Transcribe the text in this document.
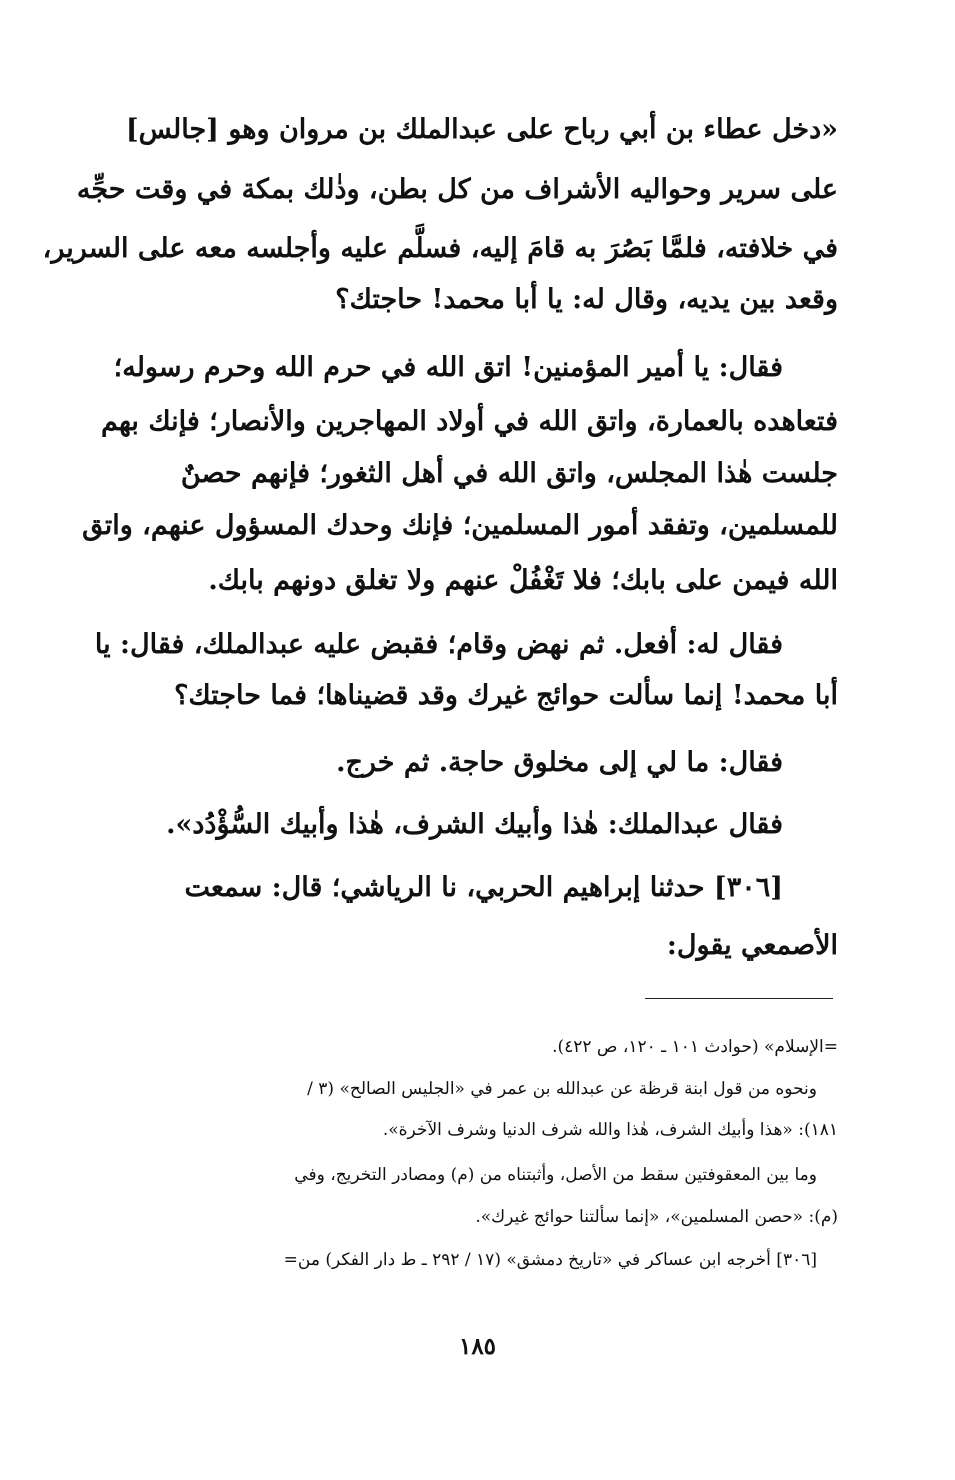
«دخل عطاء بن أبي رباح على عبدالملك بن مروان وهو [جالس]
على سرير وحواليه الأشراف من كل بطن، وذٰلك بمكة في وقت حجِّه
في خلافته، فلمَّا بَصُرَ به قامَ إليه، فسلَّم عليه وأجلسه معه على السرير،
وقعد بين يديه، وقال له: يا أبا محمد! حاجتك؟
فقال: يا أمير المؤمنين! اتق الله في حرم الله وحرم رسوله؛
فتعاهده بالعمارة، واتق الله في أولاد المهاجرين والأنصار؛ فإنك بهم
جلست هٰذا المجلس، واتق الله في أهل الثغور؛ فإنهم حصنٌ
للمسلمين، وتفقد أمور المسلمين؛ فإنك وحدك المسؤول عنهم، واتق
الله فيمن على بابك؛ فلا تَغْفُلْ عنهم ولا تغلق دونهم بابك.
فقال له: أفعل. ثم نهض وقام؛ فقبض عليه عبدالملك، فقال: يا
أبا محمد! إنما سألت حوائج غيرك وقد قضيناها؛ فما حاجتك؟
فقال: ما لي إلى مخلوق حاجة. ثم خرج.
فقال عبدالملك: هٰذا وأبيك الشرف، هٰذا وأبيك السُّؤْدُد».
[٣٠٦] حدثنا إبراهيم الحربي، نا الرياشي؛ قال: سمعت
الأصمعي يقول:
=الإسلام» (حوادث ١٠١ ـ ١٢٠، ص ٤٢٢).
ونحوه من قول ابنة قرظة عن عبدالله بن عمر في «الجليس الصالح» (٣ /
١٨١): «هذا وأبيك الشرف، هٰذا والله شرف الدنيا وشرف الآخرة».
وما بين المعقوفتين سقط من الأصل، وأثبتناه من (م) ومصادر التخريج، وفي
(م): «حصن المسلمين»، «إنما سألتنا حوائج غيرك».
[٣٠٦] أخرجه ابن عساكر في «تاريخ دمشق» (١٧ / ٢٩٢ ـ ط دار الفكر) من=
١٨٥
